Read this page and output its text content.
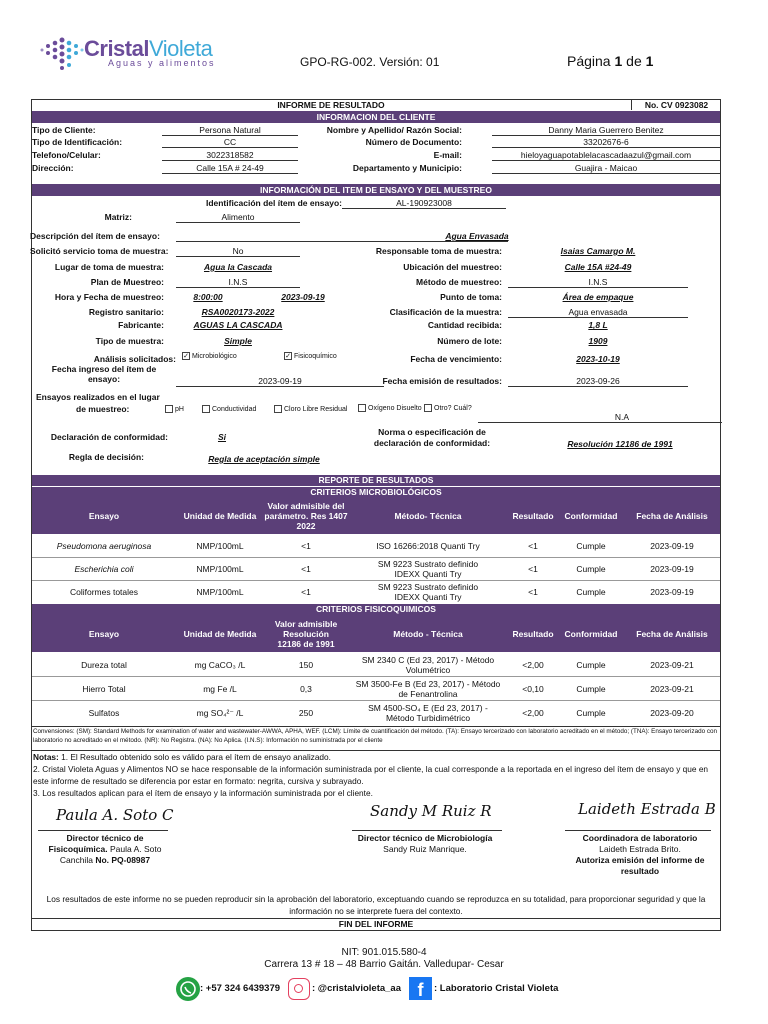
CristalVioleta
Aguas y alimentos	GPO-RG-002. Versión: 01	Página 1 de 1
INFORME DE RESULTADO	No. CV 0923082
INFORMACION DEL CLIENTE
Tipo de Cliente:	Persona Natural	Nombre y Apellido/ Razón Social:	Danny Maria Guerrero Benitez
Tipo de Identificación:	CC	Número de Documento:	33202676-6
Telefono/Celular:	3022318582	E-mail:	hieloyaguapotablelacascadaazul@gmail.com
Dirección:	Calle 15A # 24-49	Departamento y Municipio:	Guajira - Maicao
INFORMACIÓN DEL ITEM DE ENSAYO Y DEL MUESTREO
Identificación del ítem de ensayo:	AL-190923008
Matriz:	Alimento
Descripción del ítem de ensayo:	Agua Envasada
Solicitó servicio toma de muestra:	No	Responsable toma de muestra:	Isaias Camargo M.
Lugar de toma de muestra:	Agua la Cascada	Ubicación del muestreo:	Calle 15A #24-49
Plan de Muestreo:	I.N.S	Método de muestreo:	I.N.S
Hora y Fecha de muestreo:	8:00:00	2023-09-19	Punto de toma:	Área de empaque
Registro sanitario:	RSA0020173-2022	Clasificación de la muestra:	Agua envasada
Fabricante:	AGUAS LA CASCADA	Cantidad recibida:	1,8 L
Tipo de muestra:	Simple	Número de lote:	1909
Análisis solicitados: ✓ Microbiológico	✓ Fisicoquímico	Fecha de vencimiento:	2023-10-19
Fecha ingreso del ítem de
ensayo:	2023-09-19	Fecha emisión de resultados:	2023-09-26
Ensayos realizados en el lugar
de muestreo:	pH	Conductividad	Cloro Libre Residual	Oxígeno Disuelto	Otro? Cuál?
N.A
Declaración de conformidad:	Si	Norma o especificación de
declaración de conformidad:	Resolución 12186 de 1991
Regla de decisión:	Regla de aceptación simple
REPORTE DE RESULTADOS
CRITERIOS MICROBIOLÓGICOS
Ensayo	Unidad de Medida
Valor admisible del parámetro. Res 1407 2022
Método- Técnica	Resultado	Conformidad	Fecha de Análisis
Pseudomona aeruginosa	NMP/100mL	<1	ISO 16266:2018 Quanti Try	<1	Cumple	2023-09-19
Escherichia coli	NMP/100mL	<1	SM 9223 Sustrato definido IDEXX Quanti Try	<1	Cumple	2023-09-19
Coliformes totales	NMP/100mL	<1	SM 9223 Sustrato definido IDEXX Quanti Try	<1	Cumple	2023-09-19
CRITERIOS FISICOQUIMICOS
Ensayo	Unidad de Medida
Valor admisible Resolución 12186 de 1991
Método - Técnica	Resultado	Conformidad	Fecha de Análisis
Dureza total	mg CaCO₃ /L	150	SM 2340 C (Ed 23, 2017) - Método Volumétrico	<2,00	Cumple	2023-09-21
Hierro Total	mg Fe /L	0,3	SM 3500-Fe B (Ed 23, 2017) - Método de Fenantrolina	<0,10	Cumple	2023-09-21
Sulfatos	mg SO₄²⁻ /L	250	SM 4500-SO₄ E (Ed 23, 2017) - Método Turbidimétrico	<2,00	Cumple	2023-09-20
Convensiones: (SM): Standard Methods for examination of water and wastewater-AWWA, APHA, WEF. (LCM): Límite de cuantificación del método. (TA): Ensayo tercerizado con laboratorio acreditado en el método; (TNA): Ensayo tercerizado con laboratorio no acreditado en el método. (NR): No Registra. (NA): No Aplica. (I.N.S): Información no suministrada por el cliente
Notas: 1. El Resultado obtenido solo es válido para el ítem de ensayo analizado.
2. Cristal Violeta Aguas y Alimentos NO se hace responsable de la información suministrada por el cliente, la cual corresponde a la reportada en el ingreso del ítem de ensayo y que en este informe de resultado se diferencia por estar en formato: negrita, cursiva y subrayado.
3. Los resultados aplican para el ítem de ensayo y la información suministrada por el cliente.
Paula A. Soto C
Director técnico de
Fisicoquímica. Paula A. Soto
Canchila No. PQ-08987
Sandy M Ruiz R
Director técnico de Microbiología
Sandy Ruiz Manrique.
Laideth Estrada B
Coordinadora de laboratorio
Laideth Estrada Brito.
Autoriza emisión del informe de
resultado
Los resultados de este informe no se pueden reproducir sin la aprobación del laboratorio, exceptuando cuando se reproduzca en su totalidad, para proporcionar seguridad y que la información no se interprete fuera del contexto.
FIN DEL INFORME
NIT: 901.015.580-4
Carrera 13 # 18 – 48 Barrio Gaitán. Valledupar- Cesar
: +57 324 6439379	: @cristalvioleta_aa f	: Laboratorio Cristal Violeta
